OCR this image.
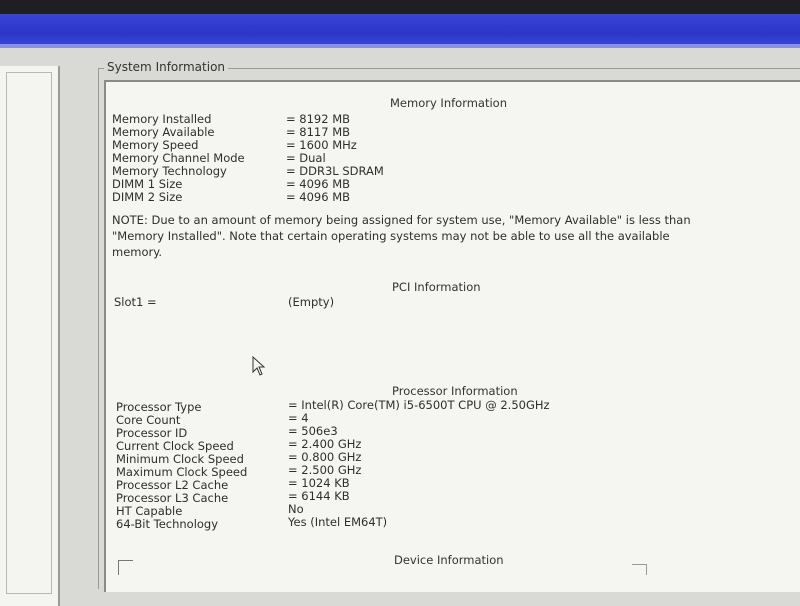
System Information
Memory Information
Memory Installed	= 8192 MB
Memory Available	= 8117 MB
Memory Speed	= 1600 MHz
Memory Channel Mode	= Dual
Memory Technology	= DDR3L SDRAM
DIMM 1 Size	= 4096 MB
DIMM 2 Size	= 4096 MB
NOTE: Due to an amount of memory being assigned for system use, "Memory Available" is less than "Memory Installed". Note that certain operating systems may not be able to use all the available memory.
PCI Information
Slot1 =	(Empty)
Processor Information
Processor Type	= Intel(R) Core(TM) i5-6500T CPU @ 2.50GHz
Core Count	= 4
Processor ID	= 506e3
Current Clock Speed	= 2.400 GHz
Minimum Clock Speed	= 0.800 GHz
Maximum Clock Speed	= 2.500 GHz
Processor L2 Cache	= 1024 KB
Processor L3 Cache	= 6144 KB
HT Capable	No
64-Bit Technology	Yes (Intel EM64T)
Device Information
